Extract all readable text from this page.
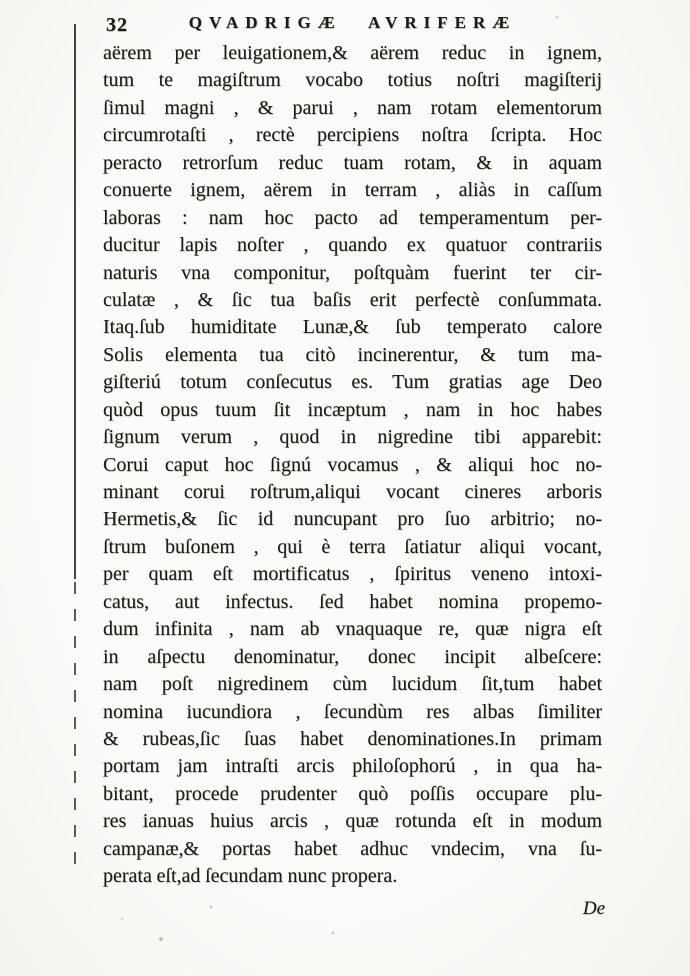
32	QVADRIGÆ AVRIFERÆ
aërem per leuigationem,& aërem reduc in ignem,
tum te magiſtrum vocabo totius noſtri magiſterij
ſimul magni , & parui , nam rotam elementorum
circumrotaſti , rectè percipiens noſtra ſcripta. Hoc
peracto retrorſum reduc tuam rotam, & in aquam
conuerte ignem, aërem in terram , aliàs in caſſum
laboras : nam hoc pacto ad temperamentum per-
ducitur lapis noſter , quando ex quatuor contrariis
naturis vna componitur, poſtquàm fuerint ter cir-
culatæ , & ſic tua baſis erit perfectè conſummata.
Itaq.ſub humiditate Lunæ,& ſub temperato calore
Solis elementa tua citò incinerentur, & tum ma-
giſteriú totum conſecutus es. Tum gratias age Deo
quòd opus tuum ſit incæptum , nam in hoc habes
ſignum verum , quod in nigredine tibi apparebit:
Corui caput hoc ſignú vocamus , & aliqui hoc no-
minant corui roſtrum,aliqui vocant cineres arboris
Hermetis,& ſic id nuncupant pro ſuo arbitrio; no-
ſtrum buſonem , qui è terra ſatiatur aliqui vocant,
per quam eſt mortificatus , ſpiritus veneno intoxi-
catus, aut infectus. ſed habet nomina propemo-
dum infinita , nam ab vnaquaque re, quæ nigra eſt
in aſpectu denominatur, donec incipit albeſcere:
nam poſt nigredinem cùm lucidum ſit,tum habet
nomina iucundiora , ſecundùm res albas ſimiliter
& rubeas,ſic ſuas habet denominationes.In primam
portam jam intraſti arcis philoſophorú , in qua ha-
bitant, procede prudenter quò poſſis occupare plu-
res ianuas huius arcis , quæ rotunda eſt in modum
campanæ,& portas habet adhuc vndecim, vna ſu-
perata eſt,ad ſecundam nunc propera.
De
